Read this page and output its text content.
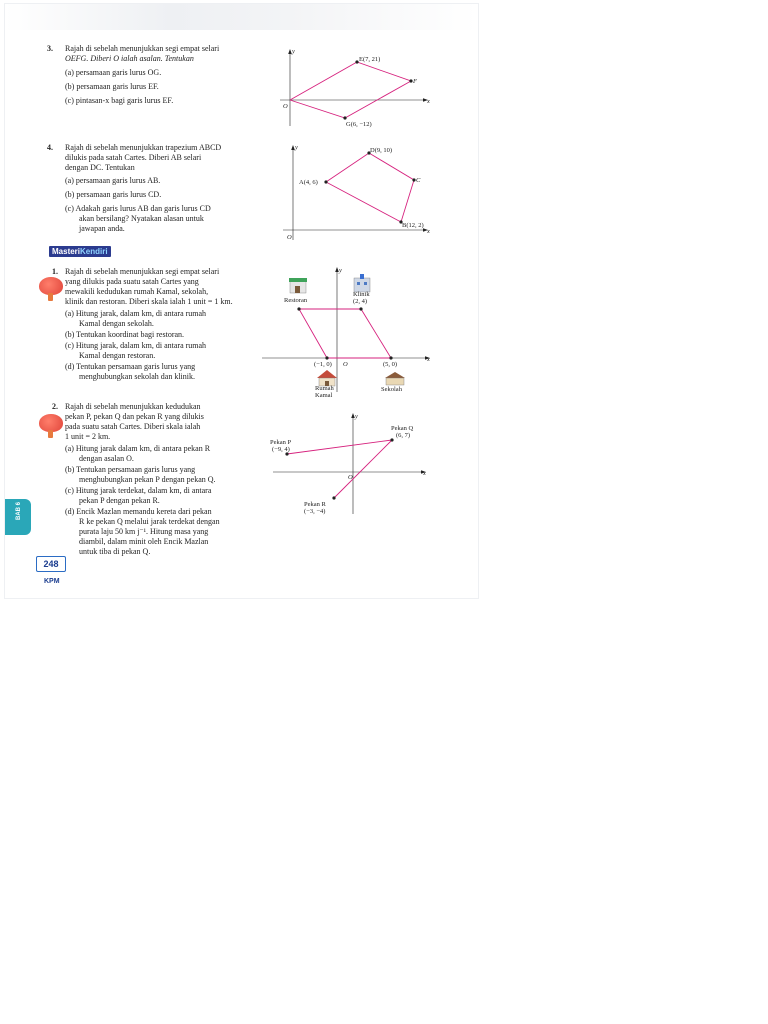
3. Rajah di sebelah menunjukkan segi empat selari
OEFG. Diberi O ialah asalan. Tentukan
(a) persamaan garis lurus OG.
(b) persamaan garis lurus EF.
(c) pintasan-x bagi garis lurus EF.
y
x
O
E(7, 21)
F
G(6, −12)
4. Rajah di sebelah menunjukkan trapezium ABCD
dilukis pada satah Cartes. Diberi AB selari
dengan DC. Tentukan
(a) persamaan garis lurus AB.
(b) persamaan garis lurus CD.
(c) Adakah garis lurus AB dan garis lurus CD
akan bersilang? Nyatakan alasan untuk
jawapan anda.
y
x
O
A(4, 6)
D(9, 10)
C
B(12, 2)
MasteriKendiri
1. Rajah di sebelah menunjukkan segi empat selari
yang dilukis pada suatu satah Cartes yang
mewakili kedudukan rumah Kamal, sekolah,
klinik dan restoran. Diberi skala ialah 1 unit = 1 km.
(a) Hitung jarak, dalam km, di antara rumah
Kamal dengan sekolah.
(b) Tentukan koordinat bagi restoran.
(c) Hitung jarak, dalam km, di antara rumah
Kamal dengan restoran.
(d) Tentukan persamaan garis lurus yang
menghubungkan sekolah dan klinik.
y
x
O
Restoran
Klinik
(2, 4)
(−1, 0)	(5, 0)
Rumah
Kamal
Sekolah
2. Rajah di sebelah menunjukkan kedudukan
pekan P, pekan Q dan pekan R yang dilukis
pada suatu satah Cartes. Diberi skala ialah
1 unit = 2 km.
(a) Hitung jarak dalam km, di antara pekan R
dengan asalan O.
(b) Tentukan persamaan garis lurus yang
menghubungkan pekan P dengan pekan Q.
(c) Hitung jarak terdekat, dalam km, di antara
pekan P dengan pekan R.
(d) Encik Mazlan memandu kereta dari pekan
R ke pekan Q melalui jarak terdekat dengan
purata laju 50 km j⁻¹. Hitung masa yang
diambil, dalam minit oleh Encik Mazlan
untuk tiba di pekan Q.
y
x
O
Pekan P
(−9, 4)
Pekan Q
(6, 7)
Pekan R
(−3, −4)
BAB 6
248
KPM
